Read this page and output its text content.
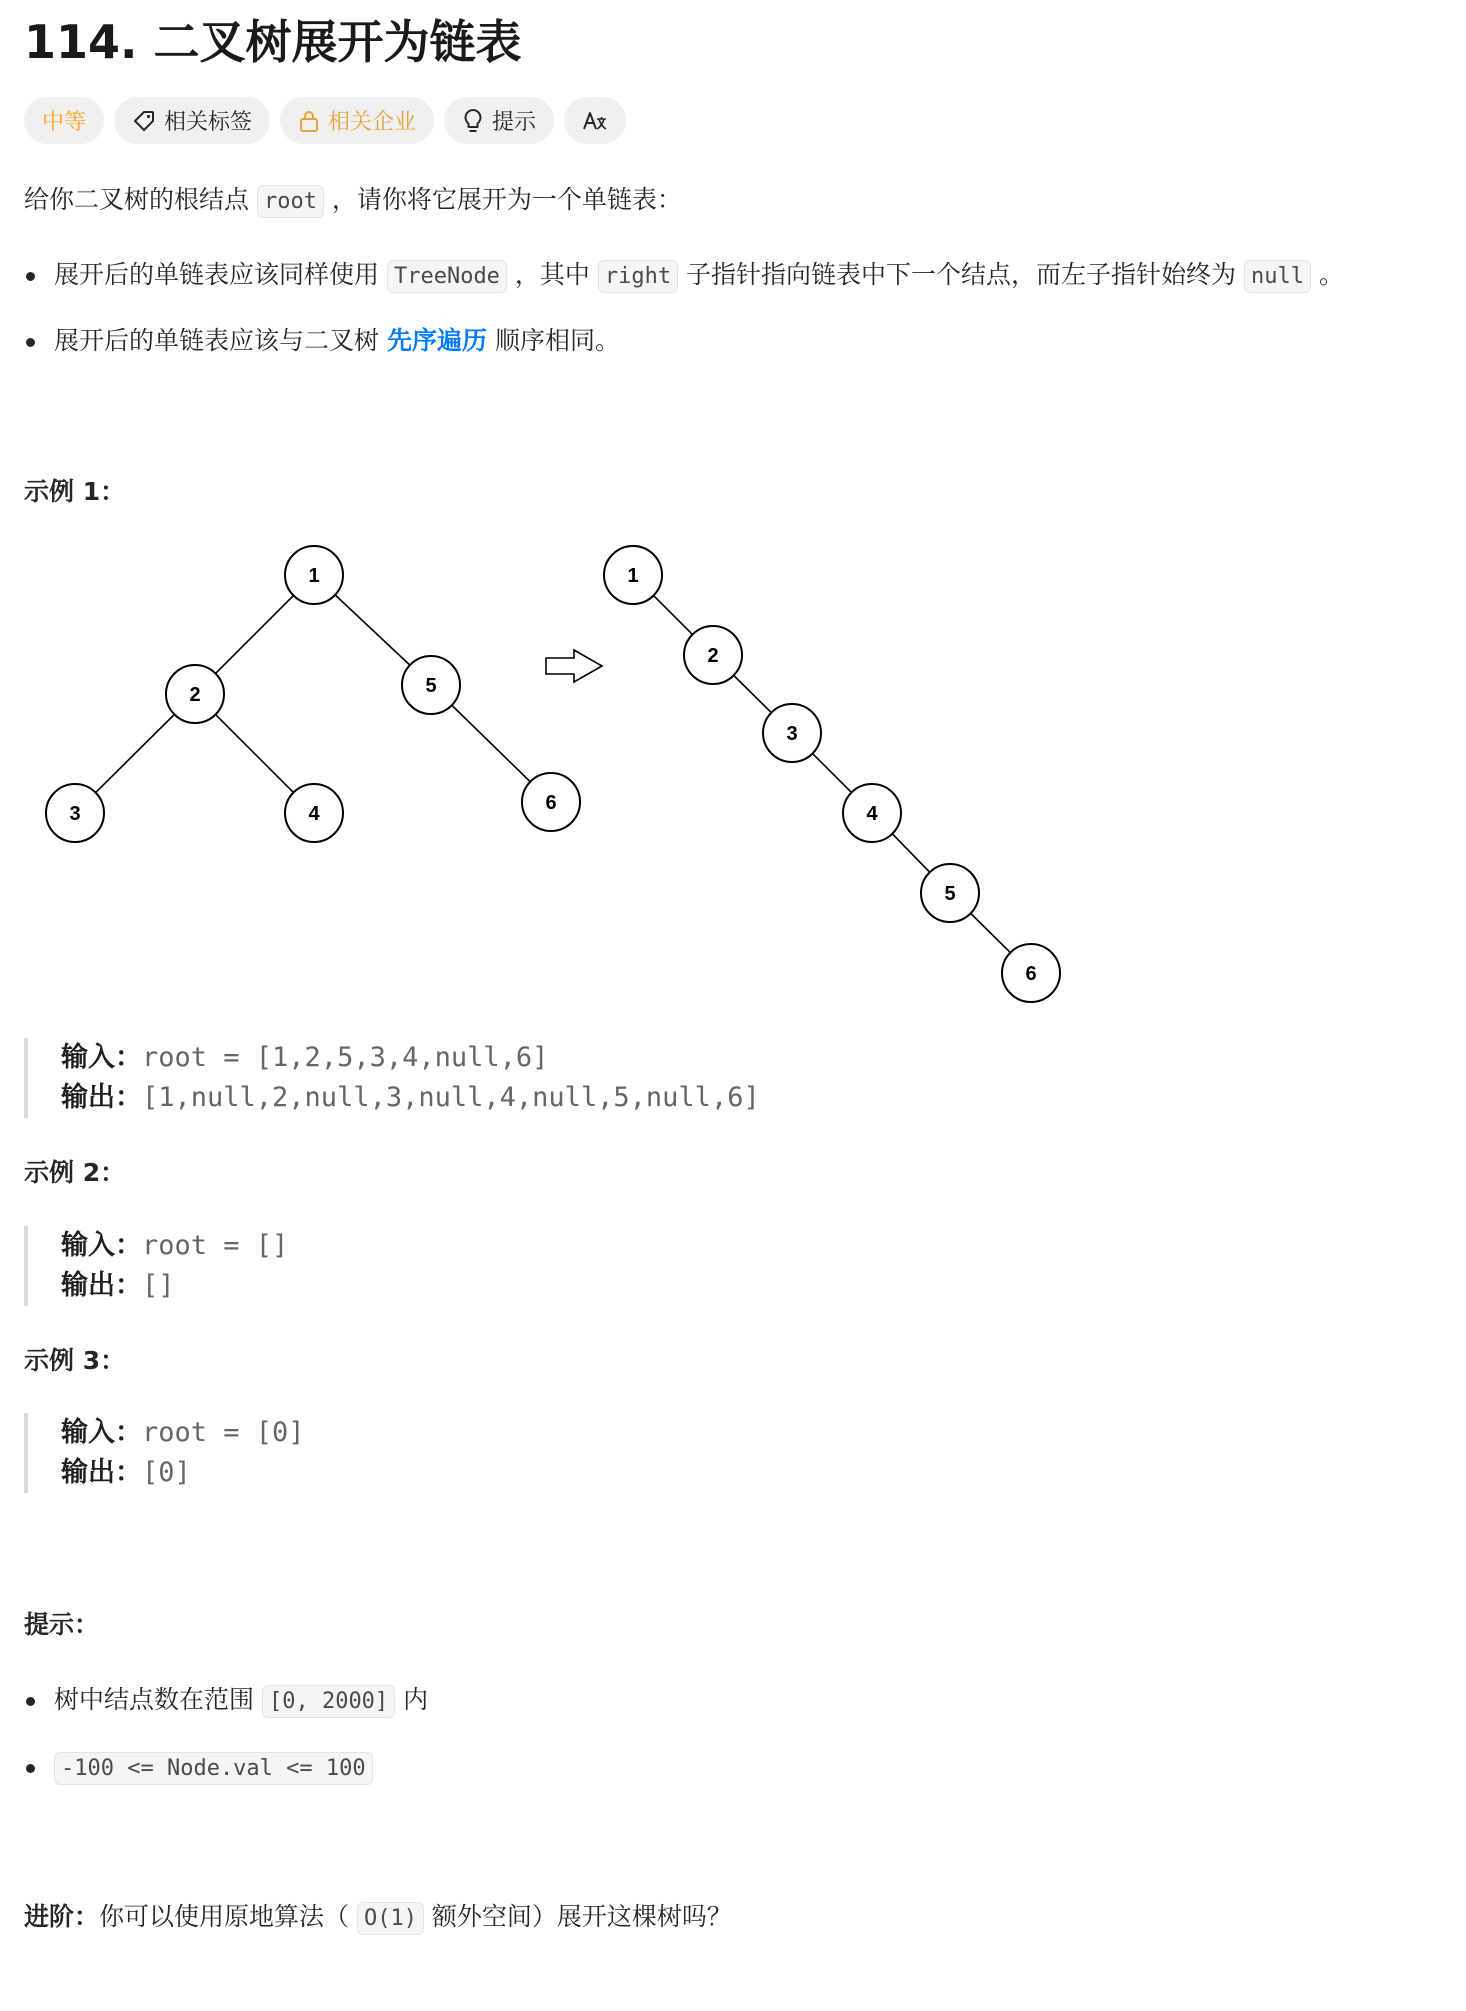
114. 二叉树展开为链表
中等	相关标签	相关企业	提示
给你二叉树的根结点 root ，请你将它展开为一个单链表：
展开后的单链表应该同样使用 TreeNode ，其中 right 子指针指向链表中下一个结点，而左子指针始终为 null 。
展开后的单链表应该与二叉树 先序遍历 顺序相同。
示例 1：
1
2	5
3	4	6
1
2
3
4
5
6
输入：root = [1,2,5,3,4,null,6]
输出：[1,null,2,null,3,null,4,null,5,null,6]
示例 2：
输入：root = []
输出：[]
示例 3：
输入：root = [0]
输出：[0]
提示：
树中结点数在范围 [0, 2000] 内
-100 <= Node.val <= 100
进阶：你可以使用原地算法（ O(1) 额外空间）展开这棵树吗？
